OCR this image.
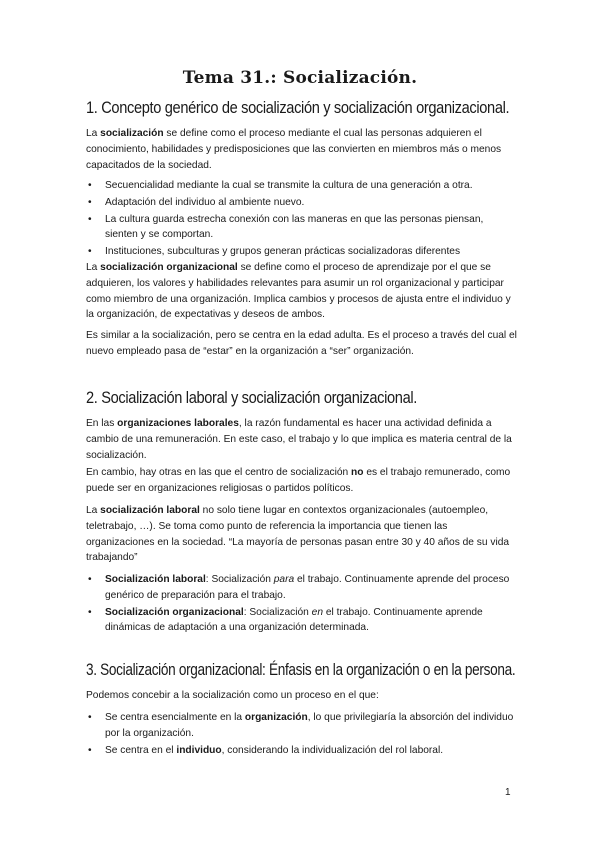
Tema 31.: Socialización.
1. Concepto genérico de socialización y socialización organizacional.
La socialización se define como el proceso mediante el cual las personas adquieren el conocimiento, habilidades y predisposiciones que las convierten en miembros más o menos capacitados de la sociedad.
• Secuencialidad mediante la cual se transmite la cultura de una generación a otra.
• Adaptación del individuo al ambiente nuevo.
• La cultura guarda estrecha conexión con las maneras en que las personas piensan, sienten y se comportan.
• Instituciones, subculturas y grupos generan prácticas socializadoras diferentes
La socialización organizacional se define como el proceso de aprendizaje por el que se adquieren, los valores y habilidades relevantes para asumir un rol organizacional y participar como miembro de una organización. Implica cambios y procesos de ajusta entre el individuo y la organización, de expectativas y deseos de ambos.
Es similar a la socialización, pero se centra en la edad adulta. Es el proceso a través del cual el nuevo empleado pasa de “estar” en la organización a “ser” organización.
2. Socialización laboral y socialización organizacional.
En las organizaciones laborales, la razón fundamental es hacer una actividad definida a cambio de una remuneración. En este caso, el trabajo y lo que implica es materia central de la socialización.
En cambio, hay otras en las que el centro de socialización no es el trabajo remunerado, como puede ser en organizaciones religiosas o partidos políticos.
La socialización laboral no solo tiene lugar en contextos organizacionales (autoempleo, teletrabajo, …). Se toma como punto de referencia la importancia que tienen las organizaciones en la sociedad. “La mayoría de personas pasan entre 30 y 40 años de su vida trabajando”
• Socialización laboral: Socialización para el trabajo. Continuamente aprende del proceso genérico de preparación para el trabajo.
• Socialización organizacional: Socialización en el trabajo. Continuamente aprende dinámicas de adaptación a una organización determinada.
3. Socialización organizacional: Énfasis en la organización o en la persona.
Podemos concebir a la socialización como un proceso en el que:
• Se centra esencialmente en la organización, lo que privilegiaría la absorción del individuo por la organización.
• Se centra en el individuo, considerando la individualización del rol laboral.
1
